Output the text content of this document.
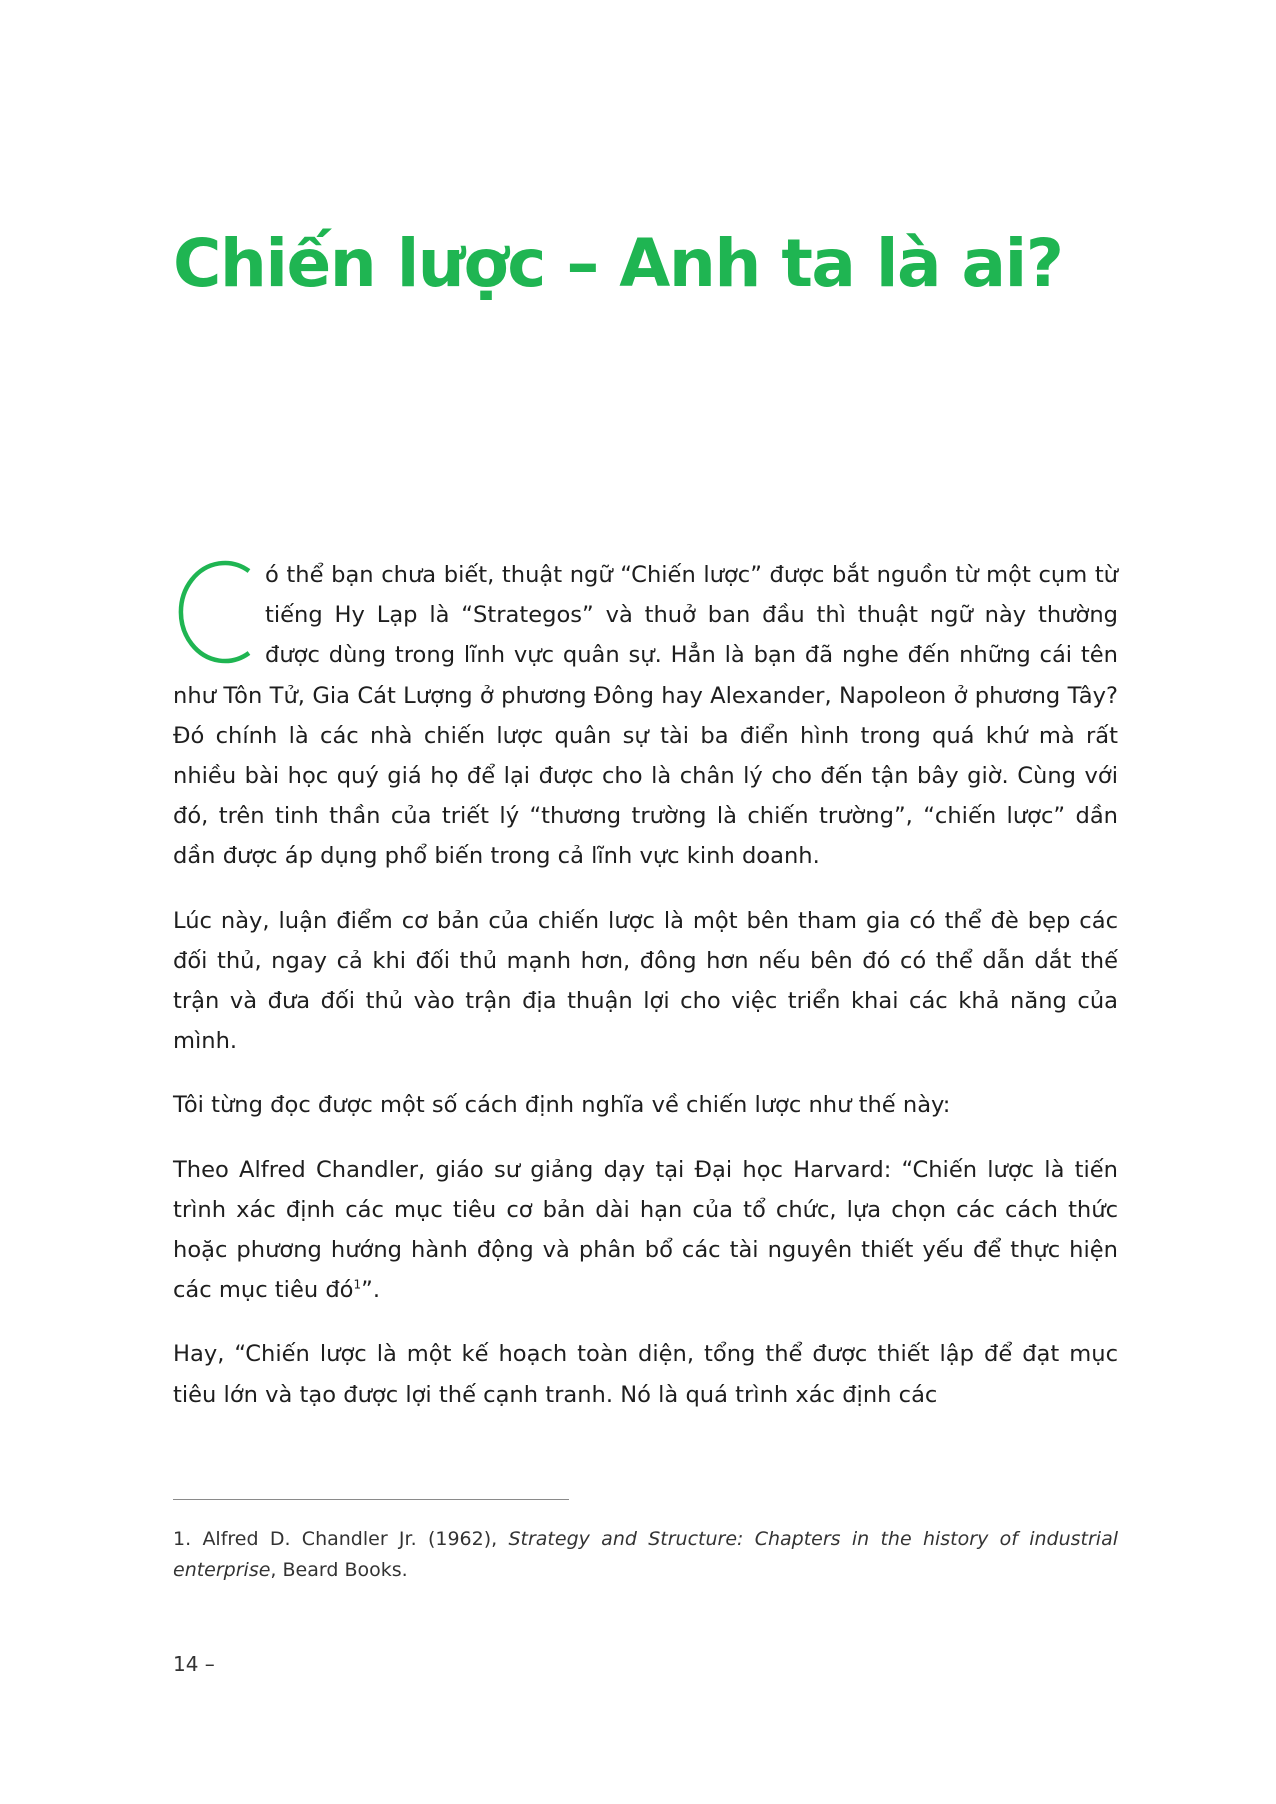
Chiến lược – Anh ta là ai?

ó thể bạn chưa biết, thuật ngữ “Chiến lược” được bắt nguồn từ một cụm từ tiếng Hy Lạp là “Strategos” và thuở ban đầu thì thuật ngữ này thường được dùng trong lĩnh vực quân sự. Hẳn là bạn đã nghe đến những cái tên như Tôn Tử, Gia Cát Lượng ở phương Đông hay Alexander, Napoleon ở phương Tây? Đó chính là các nhà chiến lược quân sự tài ba điển hình trong quá khứ mà rất nhiều bài học quý giá họ để lại được cho là chân lý cho đến tận bây giờ. Cùng với đó, trên tinh thần của triết lý “thương trường là chiến trường”, “chiến lược” dần dần được áp dụng phổ biến trong cả lĩnh vực kinh doanh.

Lúc này, luận điểm cơ bản của chiến lược là một bên tham gia có thể đè bẹp các đối thủ, ngay cả khi đối thủ mạnh hơn, đông hơn nếu bên đó có thể dẫn dắt thế trận và đưa đối thủ vào trận địa thuận lợi cho việc triển khai các khả năng của mình.

Tôi từng đọc được một số cách định nghĩa về chiến lược như thế này:

Theo Alfred Chandler, giáo sư giảng dạy tại Đại học Harvard: “Chiến lược là tiến trình xác định các mục tiêu cơ bản dài hạn của tổ chức, lựa chọn các cách thức hoặc phương hướng hành động và phân bổ các tài nguyên thiết yếu để thực hiện các mục tiêu $đó^1$”.

Hay, “Chiến lược là một kế hoạch toàn diện, tổng thể được thiết lập để đạt mục tiêu lớn và tạo được lợi thế cạnh tranh. Nó là quá trình xác định các

1. Alfred D. Chandler Jr. (1962), Strategy and Structure: Chapters in the history of industrial enterprise, Beard Books.

14 –
